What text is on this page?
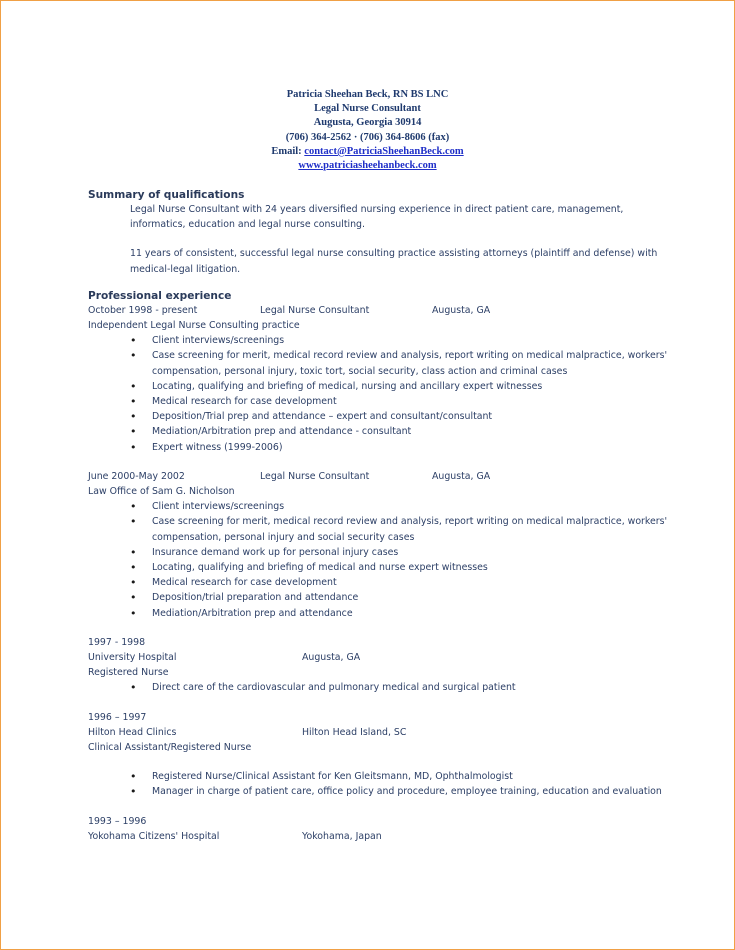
Patricia Sheehan Beck, RN BS LNC
Legal Nurse Consultant
Augusta, Georgia 30914
(706) 364-2562 · (706) 364-8606 (fax)
Email: contact@PatriciaSheehanBeck.com
www.patriciasheehanbeck.com
Summary of qualifications

Legal Nurse Consultant with 24 years diversified nursing experience in direct patient care, management, informatics, education and legal nurse consulting.

11 years of consistent, successful legal nurse consulting practice assisting attorneys (plaintiff and defense) with medical-legal litigation.

Professional experience
October 1998 - present	Legal Nurse Consultant	Augusta, GA

Independent Legal Nurse Consulting practice

• Client interviews/screenings
• Case screening for merit, medical record review and analysis, report writing on medical malpractice, workers' compensation, personal injury, toxic tort, social security, class action and criminal cases
• Locating, qualifying and briefing of medical, nursing and ancillary expert witnesses
• Medical research for case development
• Deposition/Trial prep and attendance – expert and consultant/consultant
• Mediation/Arbitration prep and attendance - consultant
• Expert witness (1999-2006)
June 2000-May 2002	Legal Nurse Consultant	Augusta, GA

Law Office of Sam G. Nicholson

• Client interviews/screenings
• Case screening for merit, medical record review and analysis, report writing on medical malpractice, workers' compensation, personal injury and social security cases
• Insurance demand work up for personal injury cases
• Locating, qualifying and briefing of medical and nurse expert witnesses
• Medical research for case development
• Deposition/trial preparation and attendance
• Mediation/Arbitration prep and attendance

1997 - 1998

University Hospital	Augusta, GA

Registered Nurse

• Direct care of the cardiovascular and pulmonary medical and surgical patient

1996 – 1997

Hilton Head Clinics	Hilton Head Island, SC

Clinical Assistant/Registered Nurse

• Registered Nurse/Clinical Assistant for Ken Gleitsmann, MD, Ophthalmologist
• Manager in charge of patient care, office policy and procedure, employee training, education and evaluation

1993 – 1996

Yokohama Citizens' Hospital	Yokohama, Japan
